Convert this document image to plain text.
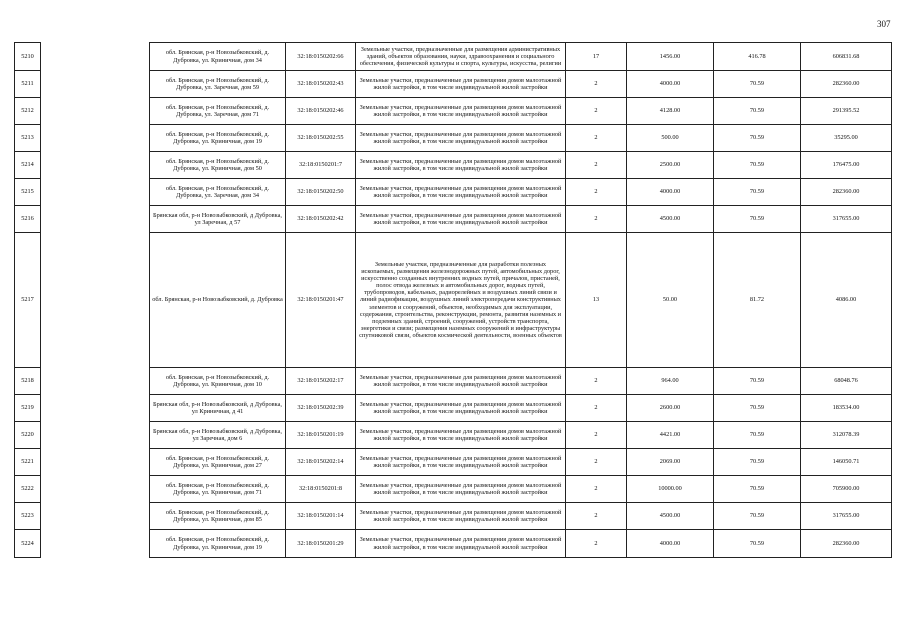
307
5210		обл. Брянская, р-н Новозыбковский, д. Дубровка, ул. Криничная, дом 34	32:18:0150202:66	Земельные участки, предназначенные для размещения административных зданий, объектов образования, науки, здравоохранения и социального обеспечения, физической культуры и спорта, культуры, искусства, религии	17	1456.00	416.78	606831.68
5211		обл. Брянская, р-н Новозыбковский, д. Дубровка, ул. Заречная, дом 59	32:18:0150202:43	Земельные участки, предназначенные для размещения домов малоэтажной жилой застройки, в том числе индивидуальной жилой застройки	2	4000.00	70.59	282360.00
5212		обл. Брянская, р-н Новозыбковский, д. Дубровка, ул. Заречная, дом 71	32:18:0150202:46	Земельные участки, предназначенные для размещения домов малоэтажной жилой застройки, в том числе индивидуальной жилой застройки	2	4128.00	70.59	291395.52
5213		обл. Брянская, р-н Новозыбковский, д. Дубровка, ул. Криничная, дом 19	32:18:0150202:55	Земельные участки, предназначенные для размещения домов малоэтажной жилой застройки, в том числе индивидуальной жилой застройки	2	500.00	70.59	35295.00
5214		обл. Брянская, р-н Новозыбковский, д. Дубровка, ул. Криничная, дом 50	32:18:0150201:7	Земельные участки, предназначенные для размещения домов малоэтажной жилой застройки, в том числе индивидуальной жилой застройки	2	2500.00	70.59	176475.00
5215		обл. Брянская, р-н Новозыбковский, д. Дубровка, ул. Заречная, дом 34	32:18:0150202:50	Земельные участки, предназначенные для размещения домов малоэтажной жилой застройки, в том числе индивидуальной жилой застройки	2	4000.00	70.59	282360.00
5216		Брянская обл, р-н Новозыбковский, д Дубровка, ул Заречная, д 57	32:18:0150202:42	Земельные участки, предназначенные для размещения домов малоэтажной жилой застройки, в том числе индивидуальной жилой застройки	2	4500.00	70.59	317655.00
5217		обл. Брянская, р-н Новозыбковский, д. Дубровка	32:18:0150201:47	Земельные участки, предназначенные для разработки полезных ископаемых, размещения железнодорожных путей, автомобильных дорог, искусственно созданных внутренних водных путей, причалов, пристаней, полос отвода железных и автомобильных дорог, водных путей, трубопроводов, кабельных, радиорелейных и воздушных линий связи и линий радиофикации, воздушных линий электропередачи конструктивных элементов и сооружений, объектов, необходимых для эксплуатации, содержания, строительства, реконструкции, ремонта, развития наземных и подземных зданий, строений, сооружений, устройств транспорта, энергетики и связи; размещения наземных сооружений и инфраструктуры спутниковой связи, объектов космической деятельности, военных объектов	13	50.00	81.72	4086.00
5218		обл. Брянская, р-н Новозыбковский, д. Дубровка, ул. Криничная, дом 10	32:18:0150202:17	Земельные участки, предназначенные для размещения домов малоэтажной жилой застройки, в том числе индивидуальной жилой застройки	2	964.00	70.59	68048.76
5219		Брянская обл, р-н Новозыбковский, д Дубровка, ул Криничная, д 41	32:18:0150202:39	Земельные участки, предназначенные для размещения домов малоэтажной жилой застройки, в том числе индивидуальной жилой застройки	2	2600.00	70.59	183534.00
5220		Брянская обл, р-н Новозыбковский, д Дубровка, ул Заречная, дом 6	32:18:0150201:19	Земельные участки, предназначенные для размещения домов малоэтажной жилой застройки, в том числе индивидуальной жилой застройки	2	4421.00	70.59	312078.39
5221		обл. Брянская, р-н Новозыбковский, д. Дубровка, ул. Криничная, дом 27	32:18:0150202:14	Земельные участки, предназначенные для размещения домов малоэтажной жилой застройки, в том числе индивидуальной жилой застройки	2	2069.00	70.59	146050.71
5222		обл. Брянская, р-н Новозыбковский, д. Дубровка, ул. Криничная, дом 71	32:18:0150201:8	Земельные участки, предназначенные для размещения домов малоэтажной жилой застройки, в том числе индивидуальной жилой застройки	2	10000.00	70.59	705900.00
5223		обл. Брянская, р-н Новозыбковский, д. Дубровка, ул. Криничная, дом 85	32:18:0150201:14	Земельные участки, предназначенные для размещения домов малоэтажной жилой застройки, в том числе индивидуальной жилой застройки	2	4500.00	70.59	317655.00
5224		обл. Брянская, р-н Новозыбковский, д. Дубровка, ул. Криничная, дом 19	32:18:0150201:29	Земельные участки, предназначенные для размещения домов малоэтажной жилой застройки, в том числе индивидуальной жилой застройки	2	4000.00	70.59	282360.00
